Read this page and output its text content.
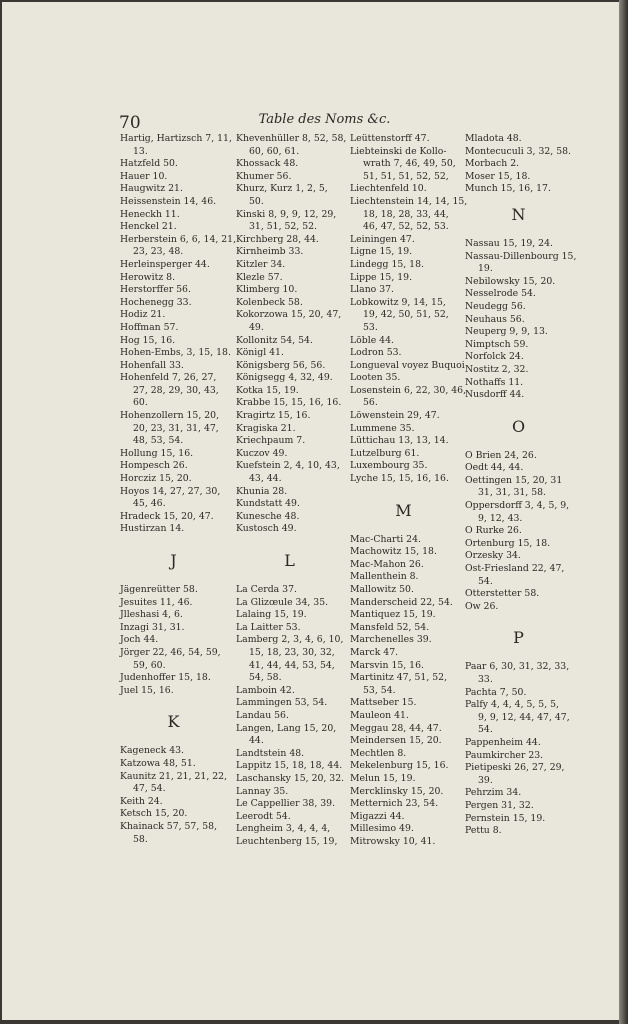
70	Table des Noms &c.
Hartig, Hartizsch 7, 11,
13.
Hatzfeld 50.
Hauer 10.
Haugwitz 21.
Heissenstein 14, 46.
Heneckh 11.
Henckel 21.
Herberstein 6, 6, 14, 21,
23, 23, 48.
Herleinsperger 44.
Herowitz 8.
Herstorffer 56.
Hochenegg 33.
Hodiz 21.
Hoffman 57.
Hog 15, 16.
Hohen-Embs, 3, 15, 18.
Hohenfall 33.
Hohenfeld 7, 26, 27,
27, 28, 29, 30, 43,
60.
Hohenzollern 15, 20,
20, 23, 31, 31, 47,
48, 53, 54.
Hollung 15, 16.
Hompesch 26.
Horcziz 15, 20.
Hoyos 14, 27, 27, 30,
45, 46.
Hradeck 15, 20, 47.
Hustirzan 14.
J
Jägenreütter 58.
Jesuites 11, 46.
Jlleshasi 4, 6.
Inzagi 31, 31.
Joch 44.
Jörger 22, 46, 54, 59,
59, 60.
Judenhoffer 15, 18.
Juel 15, 16.
K
Kageneck 43.
Katzowa 48, 51.
Kaunitz 21, 21, 21, 22,
47, 54.
Keith 24.
Ketsch 15, 20.
Khainack 57, 57, 58,
58.
Khevenhüller 8, 52, 58,
60, 60, 61.
Khossack 48.
Khumer 56.
Khurz, Kurz 1, 2, 5,
50.
Kinski 8, 9, 9, 12, 29,
31, 51, 52, 52.
Kirchberg 28, 44.
Kirnheimb 33.
Kitzler 34.
Klezle 57.
Klimberg 10.
Kolenbeck 58.
Kokorzowa 15, 20, 47,
49.
Kollonitz 54, 54.
Königl 41.
Königsberg 56, 56.
Königsegg 4, 32, 49.
Kotka 15, 19.
Krabbe 15, 15, 16, 16.
Kragirtz 15, 16.
Kragiska 21.
Kriechpaum 7.
Kuczov 49.
Kuefstein 2, 4, 10, 43,
43, 44.
Khunia 28.
Kundstatt 49.
Kunesche 48.
Kustosch 49.
L
La Cerda 37.
La Glizœule 34, 35.
Lalaing 15, 19.
La Laitter 53.
Lamberg 2, 3, 4, 6, 10,
15, 18, 23, 30, 32,
41, 44, 44, 53, 54,
54, 58.
Lamboin 42.
Lammingen 53, 54.
Landau 56.
Langen, Lang 15, 20,
44.
Landtstein 48.
Lappitz 15, 18, 18, 44.
Laschansky 15, 20, 32.
Lannay 35.
Le Cappellier 38, 39.
Leerodt 54.
Lengheim 3, 4, 4, 4,
Leuchtenberg 15, 19,
Leüttenstorff 47.
Liebteinski de Kollo-
wrath 7, 46, 49, 50,
51, 51, 51, 52, 52,
Liechtenfeld 10.
Liechtenstein 14, 14, 15,
18, 18, 28, 33, 44,
46, 47, 52, 52, 53.
Leiningen 47.
Ligne 15, 19.
Lindegg 15, 18.
Lippe 15, 19.
Llano 37.
Lobkowitz 9, 14, 15,
19, 42, 50, 51, 52,
53.
Löble 44.
Lodron 53.
Longueval voyez Buquoi
Looten 35.
Losenstein 6, 22, 30, 46,
56.
Löwenstein 29, 47.
Lummene 35.
Lüttichau 13, 13, 14.
Lutzelburg 61.
Luxembourg 35.
Lyche 15, 15, 16, 16.
M
Mac-Charti 24.
Machowitz 15, 18.
Mac-Mahon 26.
Mallenthein 8.
Mallowitz 50.
Manderscheid 22, 54.
Mantiquez 15, 19.
Mansfeld 52, 54.
Marchenelles 39.
Marck 47.
Marsvin 15, 16.
Martinitz 47, 51, 52,
53, 54.
Mattseber 15.
Mauleon 41.
Meggau 28, 44, 47.
Meindersen 15, 20.
Mechtlen 8.
Mekelenburg 15, 16.
Melun 15, 19.
Mercklinsky 15, 20.
Metternich 23, 54.
Migazzi 44.
Millesimo 49.
Mitrowsky 10, 41.
Mladota 48.
Montecuculi 3, 32, 58.
Morbach 2.
Moser 15, 18.
Munch 15, 16, 17.
N
Nassau 15, 19, 24.
Nassau-Dillenbourg 15,
19.
Nebilowsky 15, 20.
Nesselrode 54.
Neudegg 56.
Neuhaus 56.
Neuperg 9, 9, 13.
Nimptsch 59.
Norfolck 24.
Nostitz 2, 32.
Nothaffs 11.
Nusdorff 44.
O
O Brien 24, 26.
Oedt 44, 44.
Oettingen 15, 20, 31
31, 31, 31, 58.
Oppersdorff 3, 4, 5, 9,
9, 12, 43.
O Rurke 26.
Ortenburg 15, 18.
Orzesky 34.
Ost-Friesland 22, 47,
54.
Otterstetter 58.
Ow 26.
P
Paar 6, 30, 31, 32, 33,
33.
Pachta 7, 50.
Palfy 4, 4, 4, 5, 5, 5,
9, 9, 12, 44, 47, 47,
54.
Pappenheim 44.
Paumkircher 23.
Pietipeski 26, 27, 29,
39.
Pehrzim 34.
Pergen 31, 32.
Pernstein 15, 19.
Pettu 8.
